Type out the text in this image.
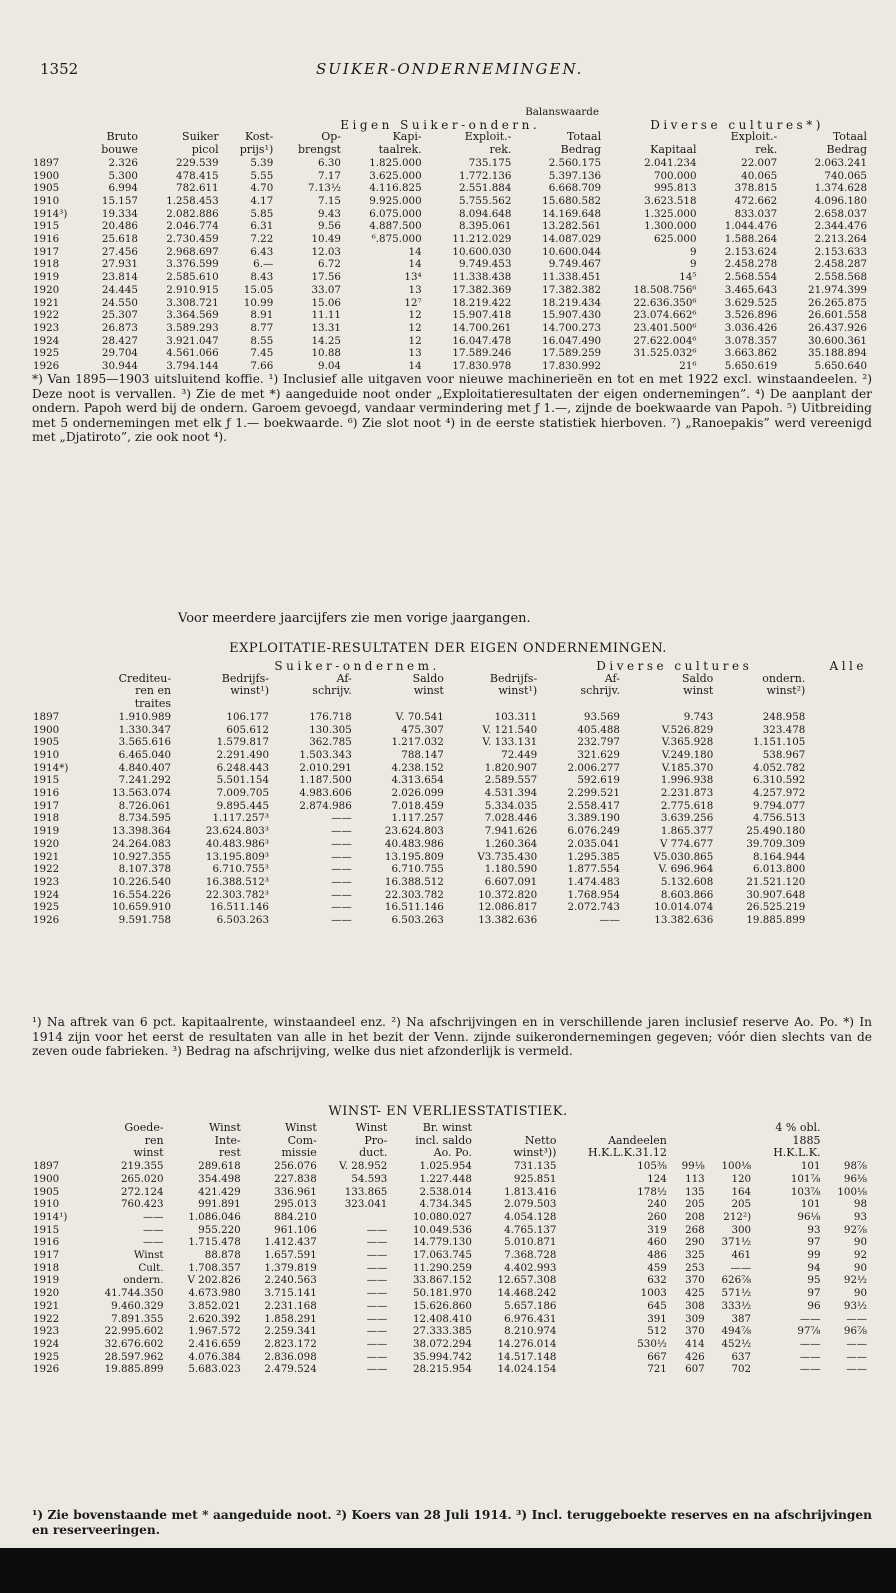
1352	SUIKER-ONDERNEMINGEN.
						Balanswaarde				
				Eigen Suiker-ondern.				Diverse cultures*)		
	Bruto	Suiker	Kost-	Op-	Kapi-	Exploit.-	Totaal		Exploit.-	Totaal
	bouwe	picol	prijs¹)	brengst	taalrek.	rek.	Bedrag	Kapitaal	rek.	Bedrag
1897	2.326	229.539	5.39	6.30	1.825.000	735.175	2.560.175	2.041.234	22.007	2.063.241
1900	5.300	478.415	5.55	7.17	3.625.000	1.772.136	5.397.136	700.000	40.065	740.065
1905	6.994	782.611	4.70	7.13½	4.116.825	2.551.884	6.668.709	995.813	378.815	1.374.628
1910	15.157	1.258.453	4.17	7.15	9.925.000	5.755.562	15.680.582	3.623.518	472.662	4.096.180
1914³)	19.334	2.082.886	5.85	9.43	6.075.000	8.094.648	14.169.648	1.325.000	833.037	2.658.037
1915	20.486	2.046.774	6.31	9.56	4.887.500	8.395.061	13.282.561	1.300.000	1.044.476	2.344.476
1916	25.618	2.730.459	7.22	10.49	⁶.875.000	11.212.029	14.087.029	625.000	1.588.264	2.213.264
1917	27.456	2.968.697	6.43	12.03	14	10.600.030	10.600.044	9	2.153.624	2.153.633
1918	27.931	3.376.599	6.—	6.72	14	9.749.453	9.749.467	9	2.458.278	2.458.287
1919	23.814	2.585.610	8.43	17.56	13⁴	11.338.438	11.338.451	14⁵	2.568.554	2.558.568
1920	24.445	2.910.915	15.05	33.07	13	17.382.369	17.382.382	18.508.756⁶	3.465.643	21.974.399
1921	24.550	3.308.721	10.99	15.06	12⁷	18.219.422	18.219.434	22.636.350⁶	3.629.525	26.265.875
1922	25.307	3.364.569	8.91	11.11	12	15.907.418	15.907.430	23.074.662⁶	3.526.896	26.601.558
1923	26.873	3.589.293	8.77	13.31	12	14.700.261	14.700.273	23.401.500⁶	3.036.426	26.437.926
1924	28.427	3.921.047	8.55	14.25	12	16.047.478	16.047.490	27.622.004⁶	3.078.357	30.600.361
1925	29.704	4.561.066	7.45	10.88	13	17.589.246	17.589.259	31.525.032⁶	3.663.862	35.188.894
1926	30.944	3.794.144	7.66	9.04	14	17.830.978	17.830.992	21⁶	5.650.619	5.650.640
*) Van 1895—1903 uitsluitend koffie. ¹) Inclusief alle uitgaven voor nieuwe machinerieën en tot en met 1922 excl. winstaandeelen. ²) Deze noot is vervallen. ³) Zie de met *) aangeduide noot onder „Exploitatieresultaten der eigen ondernemingen”. ⁴) De aanplant der ondern. Papoh werd bij de ondern. Garoem gevoegd, vandaar vermindering met ƒ 1.—, zijnde de boekwaarde van Papoh. ⁵) Uitbreiding met 5 ondernemingen met elk ƒ 1.— boekwaarde. ⁶) Zie slot noot ⁴) in de eerste statistiek hierboven. ⁷) „Ranoepakis” werd vereenigd met „Djatiroto”, zie ook noot ⁴).
Voor meerdere jaarcijfers zie men vorige jaargangen.
EXPLOITATIE-RESULTATEN DER EIGEN ONDERNEMINGEN.
		Suiker-ondernem.				Diverse cultures			Alle
	Crediteu-	Bedrijfs-	Af-	Saldo	Bedrijfs-	Af-	Saldo	ondern.	
	ren en	winst¹)	schrijv.	winst	winst¹)	schrijv.	winst	winst²)	
	traites								
1897	1.910.989	106.177	176.718	V. 70.541	103.311	93.569	9.743	248.958	
1900	1.330.347	605.612	130.305	475.307	V. 121.540	405.488	V.526.829	323.478	
1905	3.565.616	1.579.817	362.785	1.217.032	V. 133.131	232.797	V.365.928	1.151.105	
1910	6.465.040	2.291.490	1.503.343	788.147	72.449	321.629	V.249.180	538.967	
1914*)	4.840.407	6.248.443	2.010.291	4.238.152	1.820.907	2.006.277	V.185.370	4.052.782	
1915	7.241.292	5.501.154	1.187.500	4.313.654	2.589.557	592.619	1.996.938	6.310.592	
1916	13.563.074	7.009.705	4.983.606	2.026.099	4.531.394	2.299.521	2.231.873	4.257.972	
1917	8.726.061	9.895.445	2.874.986	7.018.459	5.334.035	2.558.417	2.775.618	9.794.077	
1918	8.734.595	1.117.257³	——	1.117.257	7.028.446	3.389.190	3.639.256	4.756.513	
1919	13.398.364	23.624.803³	——	23.624.803	7.941.626	6.076.249	1.865.377	25.490.180	
1920	24.264.083	40.483.986³	——	40.483.986	1.260.364	2.035.041	V 774.677	39.709.309	
1921	10.927.355	13.195.809³	——	13.195.809	V3.735.430	1.295.385	V5.030.865	8.164.944	
1922	8.107.378	6.710.755³	——	6.710.755	1.180.590	1.877.554	V. 696.964	6.013.800	
1923	10.226.540	16.388.512³	——	16.388.512	6.607.091	1.474.483	5.132.608	21.521.120	
1924	16.554.226	22.303.782³	——	22.303.782	10.372.820	1.768.954	8.603.866	30.907.648	
1925	10.659.910	16.511.146	——	16.511.146	12.086.817	2.072.743	10.014.074	26.525.219	
1926	9.591.758	6.503.263	——	6.503.263	13.382.636	——	13.382.636	19.885.899	
¹) Na aftrek van 6 pct. kapitaalrente, winstaandeel enz. ²) Na afschrijvingen en in verschillende jaren inclusief reserve Ao. Po. *) In 1914 zijn voor het eerst de resultaten van alle in het bezit der Venn. zijnde suikerondernemingen gegeven; vóór dien slechts van de zeven oude fabrieken. ³) Bedrag na afschrijving, welke dus niet afzonderlijk is vermeld.
WINST- EN VERLIESSTATISTIEK.
	Goede-	Winst	Winst	Winst	Br. winst					4 % obl.	
	ren	Inte-	Com-	Pro-	incl. saldo	Netto	Aandeelen			1885	
	winst	rest	missie	duct.	Ao. Po.	winst³))	H.K.L.K.31.12			H.K.L.K.	
1897	219.355	289.618	256.076	V. 28.952	1.025.954	731.135	105⅜	99⅛	100⅛	101	98⅞
1900	265.020	354.498	227.838	54.593	1.227.448	925.851	124	113	120	101⅞	96⅛
1905	272.124	421.429	336.961	133.865	2.538.014	1.813.416	178½	135	164	103⅞	100⅛
1910	760.423	991.891	295.013	323.041	4.734.345	2.079.503	240	205	205	101	98
1914¹)	——	1.086.046	884.210		10.080.027	4.054.128	260	208	212²)	96⅛	93
1915	——	955.220	961.106	——	10.049.536	4.765.137	319	268	300	93	92⅞
1916	——	1.715.478	1.412.437	——	14.779.130	5.010.871	460	290	371½	97	90
1917	Winst	88.878	1.657.591	——	17.063.745	7.368.728	486	325	461	99	92
1918	Cult.	1.708.357	1.379.819	——	11.290.259	4.402.993	459	253	——	94	90
1919	ondern.	V 202.826	2.240.563	——	33.867.152	12.657.308	632	370	626⅞	95	92½
1920	41.744.350	4.673.980	3.715.141	——	50.181.970	14.468.242	1003	425	571½	97	90
1921	9.460.329	3.852.021	2.231.168	——	15.626.860	5.657.186	645	308	333½	96	93½
1922	7.891.355	2.620.392	1.858.291	——	12.408.410	6.976.431	391	309	387	——	——
1923	22.995.602	1.967.572	2.259.341	——	27.333.385	8.210.974	512	370	494⅞	97⅞	96⅞
1924	32.676.602	2.416.659	2.823.172	——	38.072.294	14.276.014	530½	414	452½	——	——
1925	28.597.962	4.076.384	2.836.098	——	35.994.742	14.517.148	667	426	637	——	——
1926	19.885.899	5.683.023	2.479.524	——	28.215.954	14.024.154	721	607	702	——	——
¹) Zie bovenstaande met * aangeduide noot. ²) Koers van 28 Juli 1914. ³) Incl. teruggeboekte reserves en na afschrijvingen en reserveeringen.
